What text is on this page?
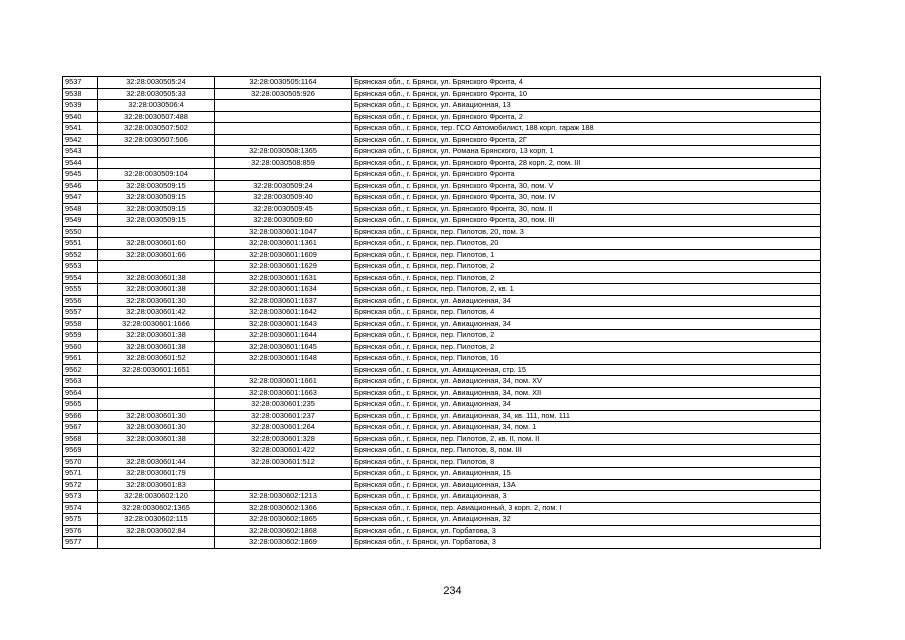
9537	32:28:0030505:24	32:28:0030505:1164	Брянская обл., г. Брянск, ул. Брянского Фронта, 4
9538	32:28:0030505:33	32:28:0030505:926	Брянская обл., г. Брянск, ул. Брянского Фронта, 10
9539	32:28:0030506:4		Брянская обл., г. Брянск, ул. Авиационная, 13
9540	32:28:0030507:488		Брянская обл., г. Брянск, ул. Брянского Фронта, 2
9541	32:28:0030507:502		Брянская обл., г. Брянск, тер. ГСО Автомобилист, 188 корп. гараж 188
9542	32:28:0030507:506		Брянская обл., г. Брянск, ул. Брянского Фронта, 2Г
9543		32:28:0030508:1365	Брянская обл., г. Брянск, ул. Романа Брянского, 13 корп. 1
9544		32:28:0030508:859	Брянская обл., г. Брянск, ул. Брянского Фронта, 28 корп. 2, пом. III
9545	32:28:0030509:104		Брянская обл., г. Брянск, ул. Брянского Фронта
9546	32:28:0030509:15	32:28:0030509:24	Брянская обл., г. Брянск, ул. Брянского Фронта, 30, пом. V
9547	32:28:0030509:15	32:28:0030509:40	Брянская обл., г. Брянск, ул. Брянского Фронта, 30, пом. IV
9548	32:28:0030509:15	32:28:0030509:45	Брянская обл., г. Брянск, ул. Брянского Фронта, 30, пом. II
9549	32:28:0030509:15	32:28:0030509:60	Брянская обл., г. Брянск, ул. Брянского Фронта, 30, пом. III
9550		32:28:0030601:1047	Брянская обл., г. Брянск, пер. Пилотов, 20, пом. 3
9551	32:28:0030601:60	32:28:0030601:1361	Брянская обл., г. Брянск, пер. Пилотов, 20
9552	32:28:0030601:66	32:28:0030601:1609	Брянская обл., г. Брянск, пер. Пилотов, 1
9553		32:28:0030601:1629	Брянская обл., г. Брянск, пер. Пилотов, 2
9554	32:28:0030601:38	32:28:0030601:1631	Брянская обл., г. Брянск, пер. Пилотов, 2
9555	32:28:0030601:38	32:28:0030601:1634	Брянская обл., г. Брянск, пер. Пилотов, 2, кв. 1
9556	32:28:0030601:30	32:28:0030601:1637	Брянская обл., г. Брянск, ул. Авиационная, 34
9557	32:28:0030601:42	32:28:0030601:1642	Брянская обл., г. Брянск, пер. Пилотов, 4
9558	32:28:0030601:1666	32:28:0030601:1643	Брянская обл., г. Брянск, ул. Авиационная, 34
9559	32:28:0030601:38	32:28:0030601:1644	Брянская обл., г. Брянск, пер. Пилотов, 2
9560	32:28:0030601:38	32:28:0030601:1645	Брянская обл., г. Брянск, пер. Пилотов, 2
9561	32:28:0030601:52	32:28:0030601:1648	Брянская обл., г. Брянск, пер. Пилотов, 16
9562	32:28:0030601:1651		Брянская обл., г. Брянск, ул. Авиационная, стр. 15
9563		32:28:0030601:1661	Брянская обл., г. Брянск, ул. Авиационная, 34, пом. XV
9564		32:28:0030601:1663	Брянская обл., г. Брянск, ул. Авиационная, 34, пом. XII
9565		32:28:0030601:235	Брянская обл., г. Брянск, ул. Авиационная, 34
9566	32:28:0030601:30	32:28:0030601:237	Брянская обл., г. Брянск, ул. Авиационная, 34, кв. 111, пом. 111
9567	32:28:0030601:30	32:28:0030601:264	Брянская обл., г. Брянск, ул. Авиационная, 34, пом. 1
9568	32:28:0030601:38	32:28:0030601:328	Брянская обл., г. Брянск, пер. Пилотов, 2, кв. II, пом. II
9569		32:28:0030601:422	Брянская обл., г. Брянск, пер. Пилотов, 8, пом. III
9570	32:28:0030601:44	32:28:0030601:512	Брянская обл., г. Брянск, пер. Пилотов, 8
9571	32:28:0030601:79		Брянская обл., г. Брянск, ул. Авиационная, 15
9572	32:28:0030601:83		Брянская обл., г. Брянск, ул. Авиационная, 13А
9573	32:28:0030602:120	32:28:0030602:1213	Брянская обл., г. Брянск, ул. Авиационная, 3
9574	32:28:0030602:1365	32:28:0030602:1366	Брянская обл., г. Брянск, пер. Авиационный, 3 корп. 2, пом. I
9575	32:28:0030602:115	32:28:0030602:1865	Брянская обл., г. Брянск, ул. Авиационная, 32
9576	32:28:0030602:84	32:28:0030602:1868	Брянская обл., г. Брянск, ул. Горбатова, 3
9577		32:28:0030602:1869	Брянская обл., г. Брянск, ул. Горбатова, 3
234
